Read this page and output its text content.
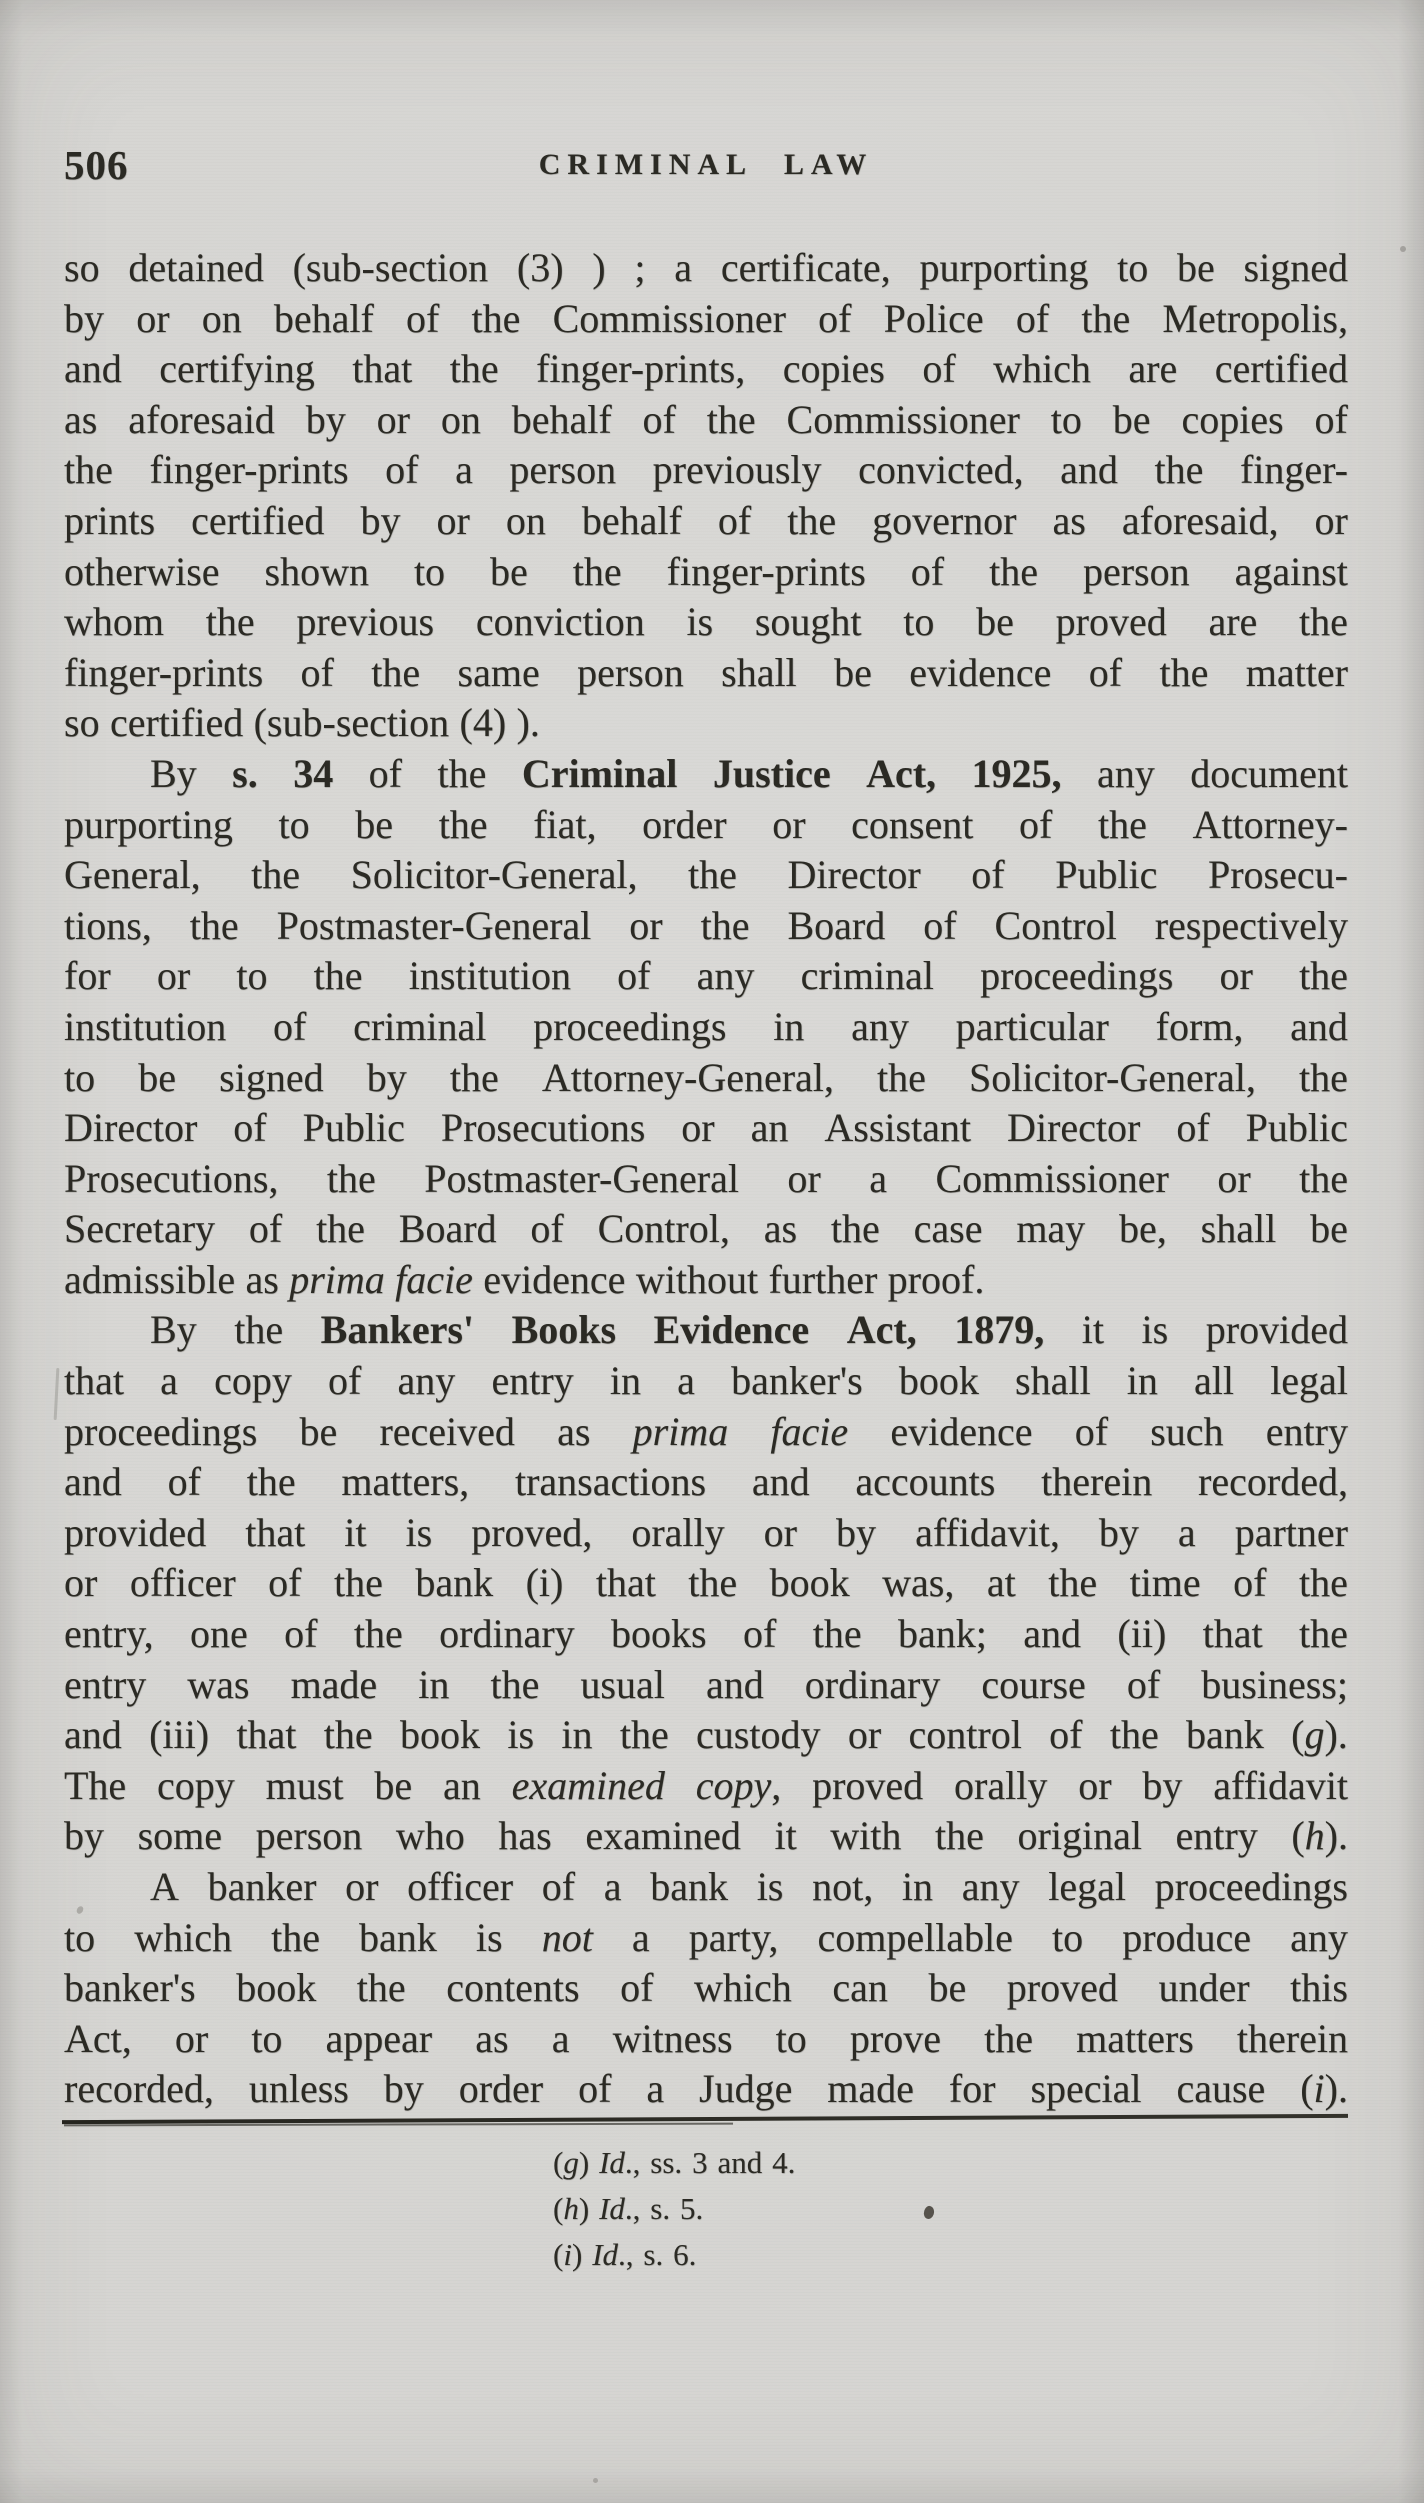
506	CRIMINAL LAW
so detained (sub-section (3) ) ; a certificate, purporting to be signed
by or on behalf of the Commissioner of Police of the Metropolis,
and certifying that the finger-prints, copies of which are certified
as aforesaid by or on behalf of the Commissioner to be copies of
the finger-prints of a person previously convicted, and the finger-
prints certified by or on behalf of the governor as aforesaid, or
otherwise shown to be the finger-prints of the person against
whom the previous conviction is sought to be proved are the
finger-prints of the same person shall be evidence of the matter
so certified (sub-section (4) ).
By s. 34 of the Criminal Justice Act, 1925, any document
purporting to be the fiat, order or consent of the Attorney-
General, the Solicitor-General, the Director of Public Prosecu-
tions, the Postmaster-General or the Board of Control respectively
for or to the institution of any criminal proceedings or the
institution of criminal proceedings in any particular form, and
to be signed by the Attorney-General, the Solicitor-General, the
Director of Public Prosecutions or an Assistant Director of Public
Prosecutions, the Postmaster-General or a Commissioner or the
Secretary of the Board of Control, as the case may be, shall be
admissible as prima facie evidence without further proof.
By the Bankers' Books Evidence Act, 1879, it is provided
that a copy of any entry in a banker's book shall in all legal
proceedings be received as prima facie evidence of such entry
and of the matters, transactions and accounts therein recorded,
provided that it is proved, orally or by affidavit, by a partner
or officer of the bank (i) that the book was, at the time of the
entry, one of the ordinary books of the bank; and (ii) that the
entry was made in the usual and ordinary course of business;
and (iii) that the book is in the custody or control of the bank (g).
The copy must be an examined copy, proved orally or by affidavit
by some person who has examined it with the original entry (h).
A banker or officer of a bank is not, in any legal proceedings
to which the bank is not a party, compellable to produce any
banker's book the contents of which can be proved under this
Act, or to appear as a witness to prove the matters therein
recorded, unless by order of a Judge made for special cause (i).
(g) Id., ss. 3 and 4.
(h) Id., s. 5.
(i) Id., s. 6.
